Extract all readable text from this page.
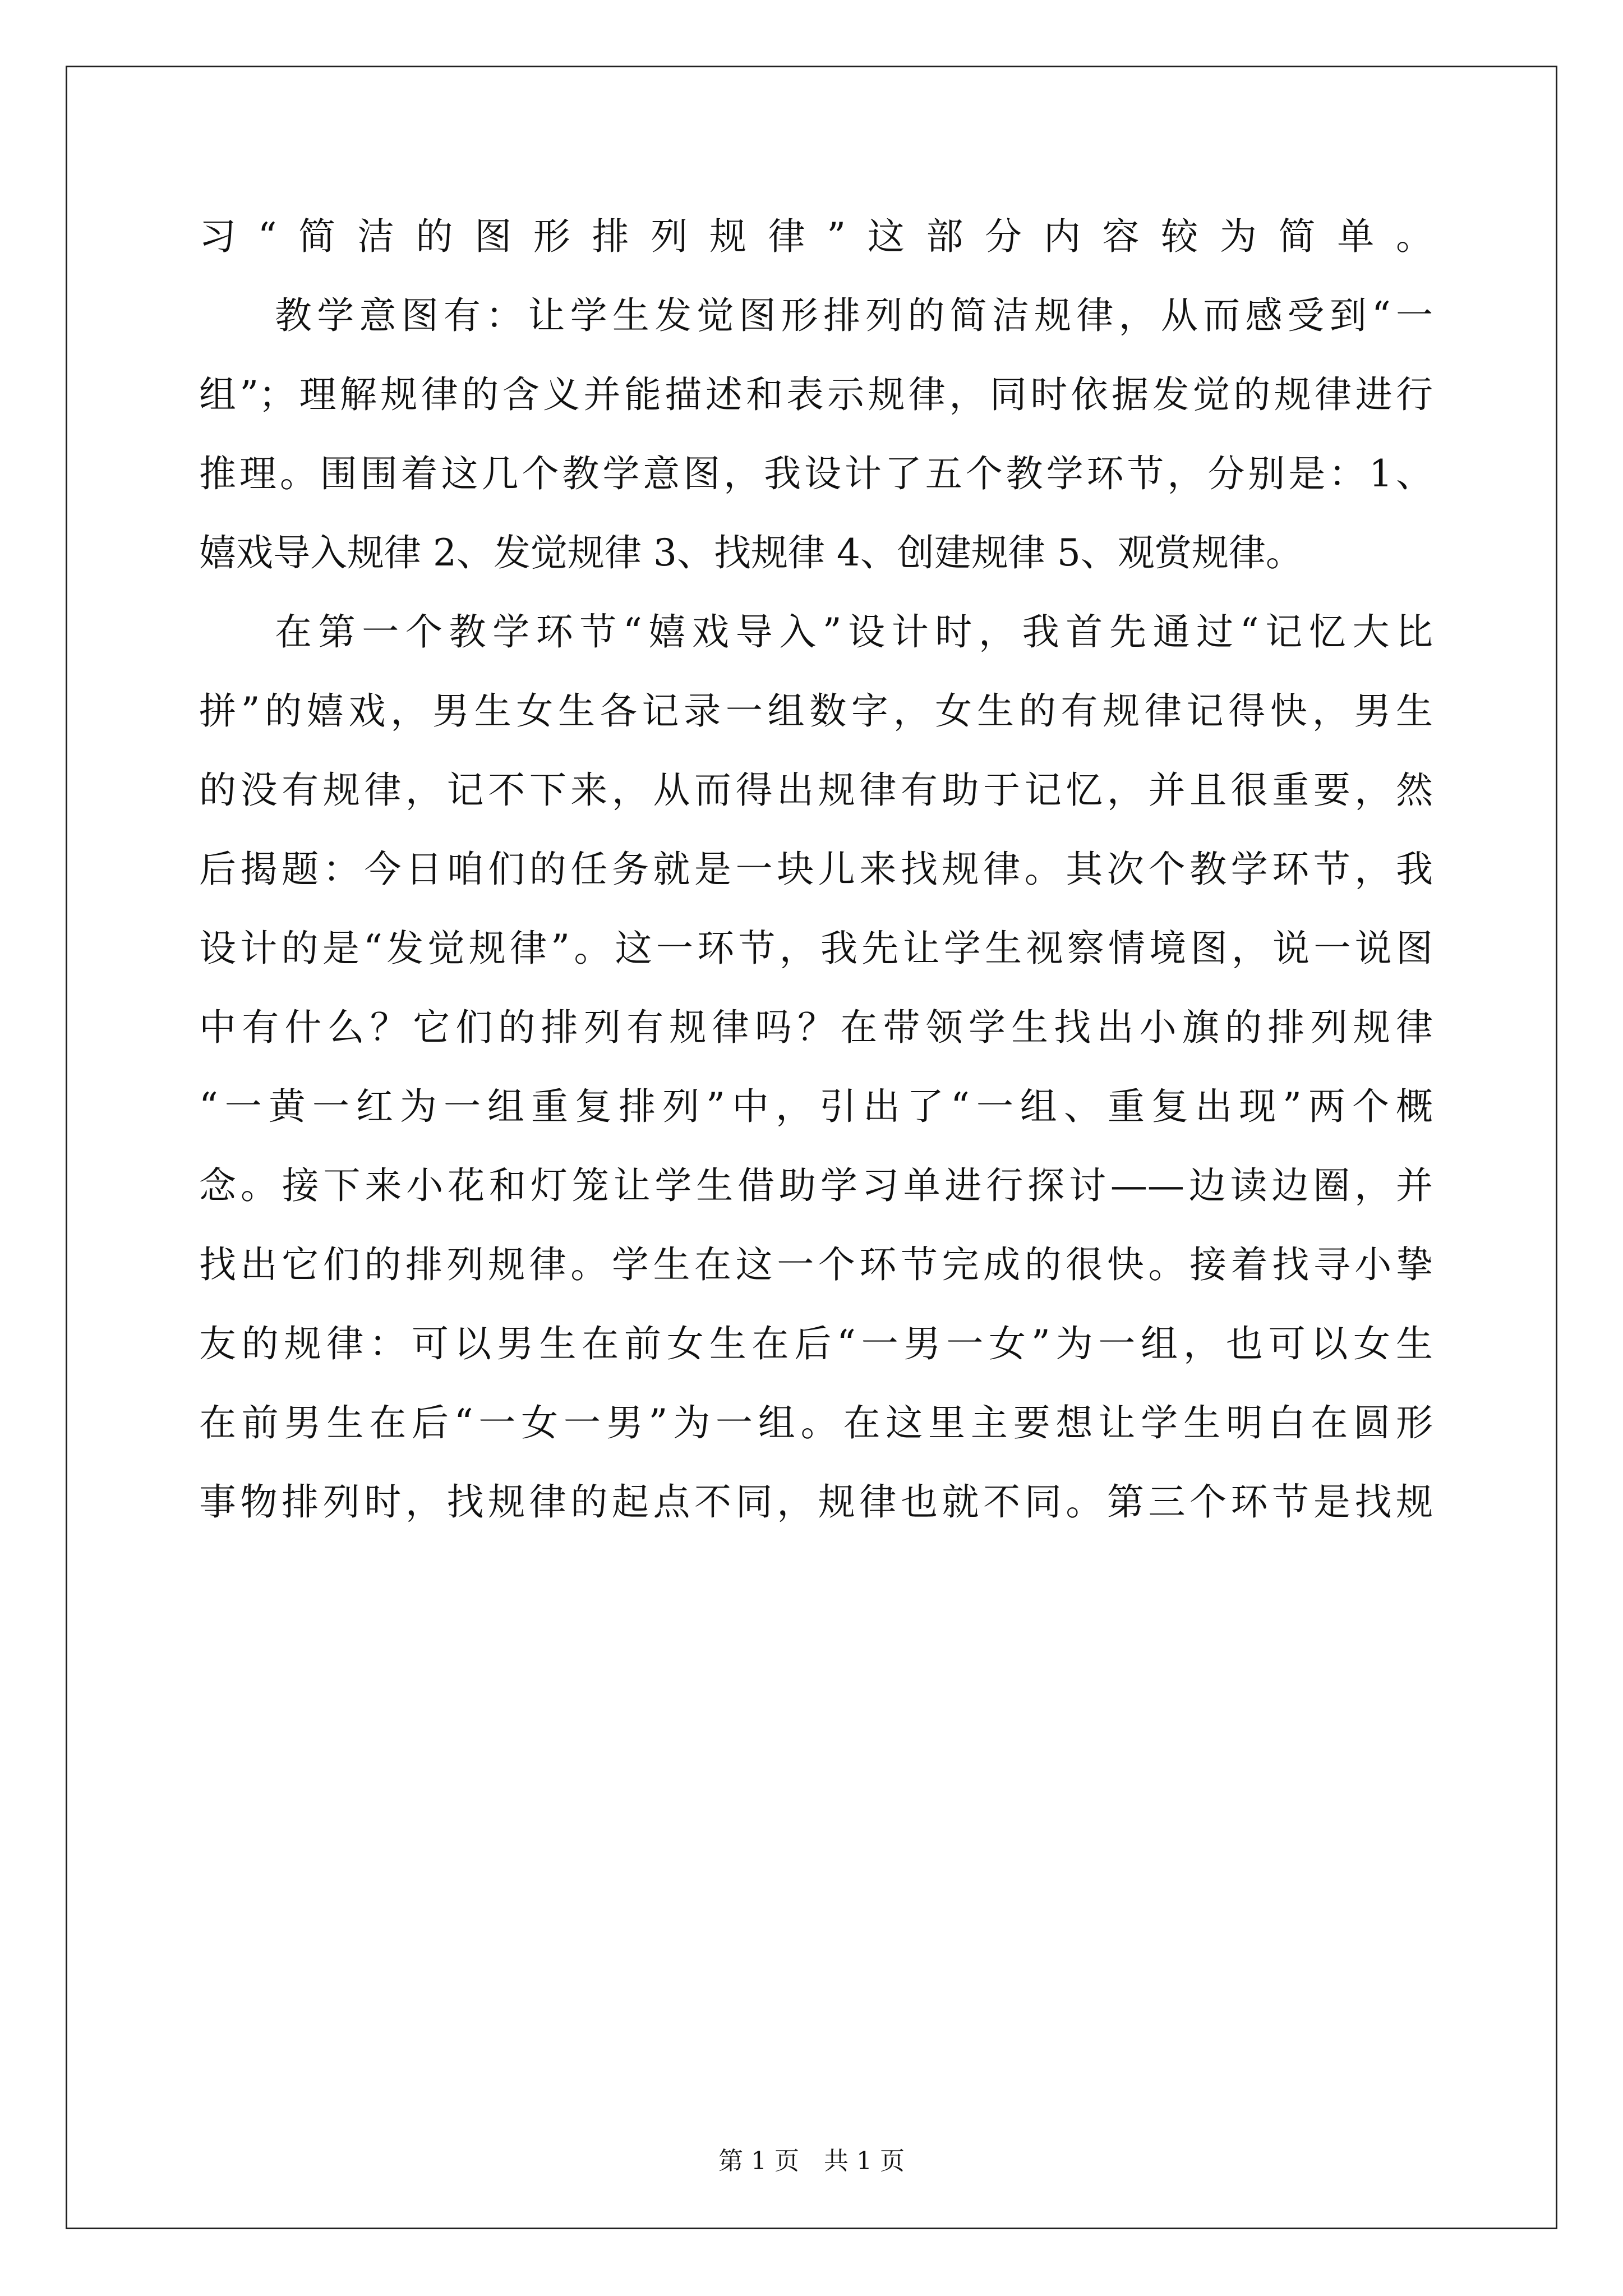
习“简洁的图形排列规律”这部分内容较为简单。
教学意图有：让学生发觉图形排列的简洁规律，从而感受到“一
组”；理解规律的含义并能描述和表示规律，同时依据发觉的规律进行
推理。围围着这几个教学意图，我设计了五个教学环节，分别是：1、
嬉戏导入规律 2、发觉规律 3、找规律 4、创建规律 5、观赏规律。
在第一个教学环节“嬉戏导入”设计时，我首先通过“记忆大比
拼”的嬉戏，男生女生各记录一组数字，女生的有规律记得快，男生
的没有规律，记不下来，从而得出规律有助于记忆，并且很重要，然
后揭题：今日咱们的任务就是一块儿来找规律。其次个教学环节，我
设计的是“发觉规律”。这一环节，我先让学生视察情境图，说一说图
中有什么？它们的排列有规律吗？在带领学生找出小旗的排列规律
“一黄一红为一组重复排列”中，引出了“一组、重复出现”两个概
念。接下来小花和灯笼让学生借助学习单进行探讨——边读边圈，并
找出它们的排列规律。学生在这一个环节完成的很快。接着找寻小挚
友的规律：可以男生在前女生在后“一男一女”为一组，也可以女生
在前男生在后“一女一男”为一组。在这里主要想让学生明白在圆形
事物排列时，找规律的起点不同，规律也就不同。第三个环节是找规
第 1 页　共 1 页
